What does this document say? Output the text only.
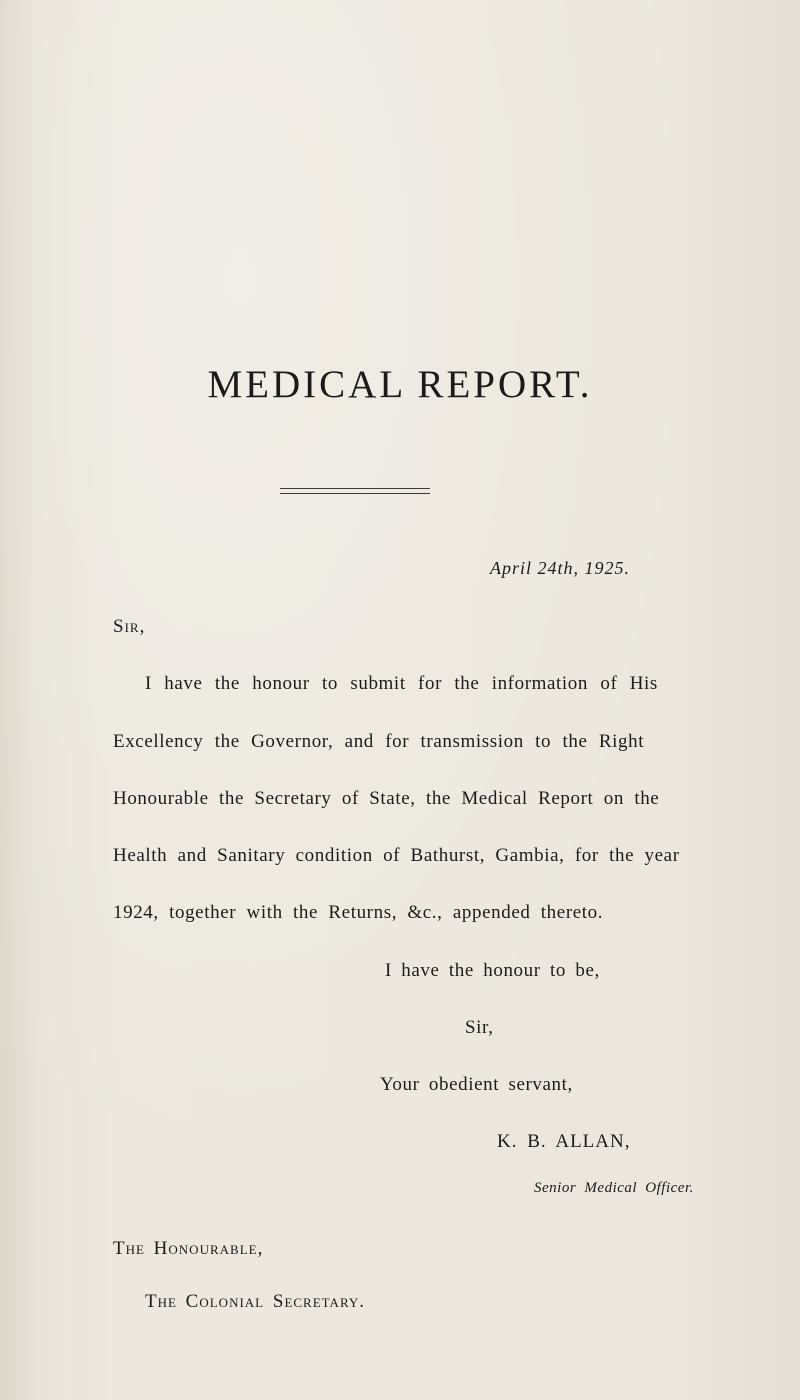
MEDICAL REPORT.
April 24th, 1925.
Sir,
I have the honour to submit for the information of His
Excellency the Governor, and for transmission to the Right
Honourable the Secretary of State, the Medical Report on the
Health and Sanitary condition of Bathurst, Gambia, for the year
1924, together with the Returns, &c., appended thereto.
I have the honour to be,
Sir,
Your obedient servant,
K. B. ALLAN,
Senior Medical Officer.
The Honourable,
The Colonial Secretary.
